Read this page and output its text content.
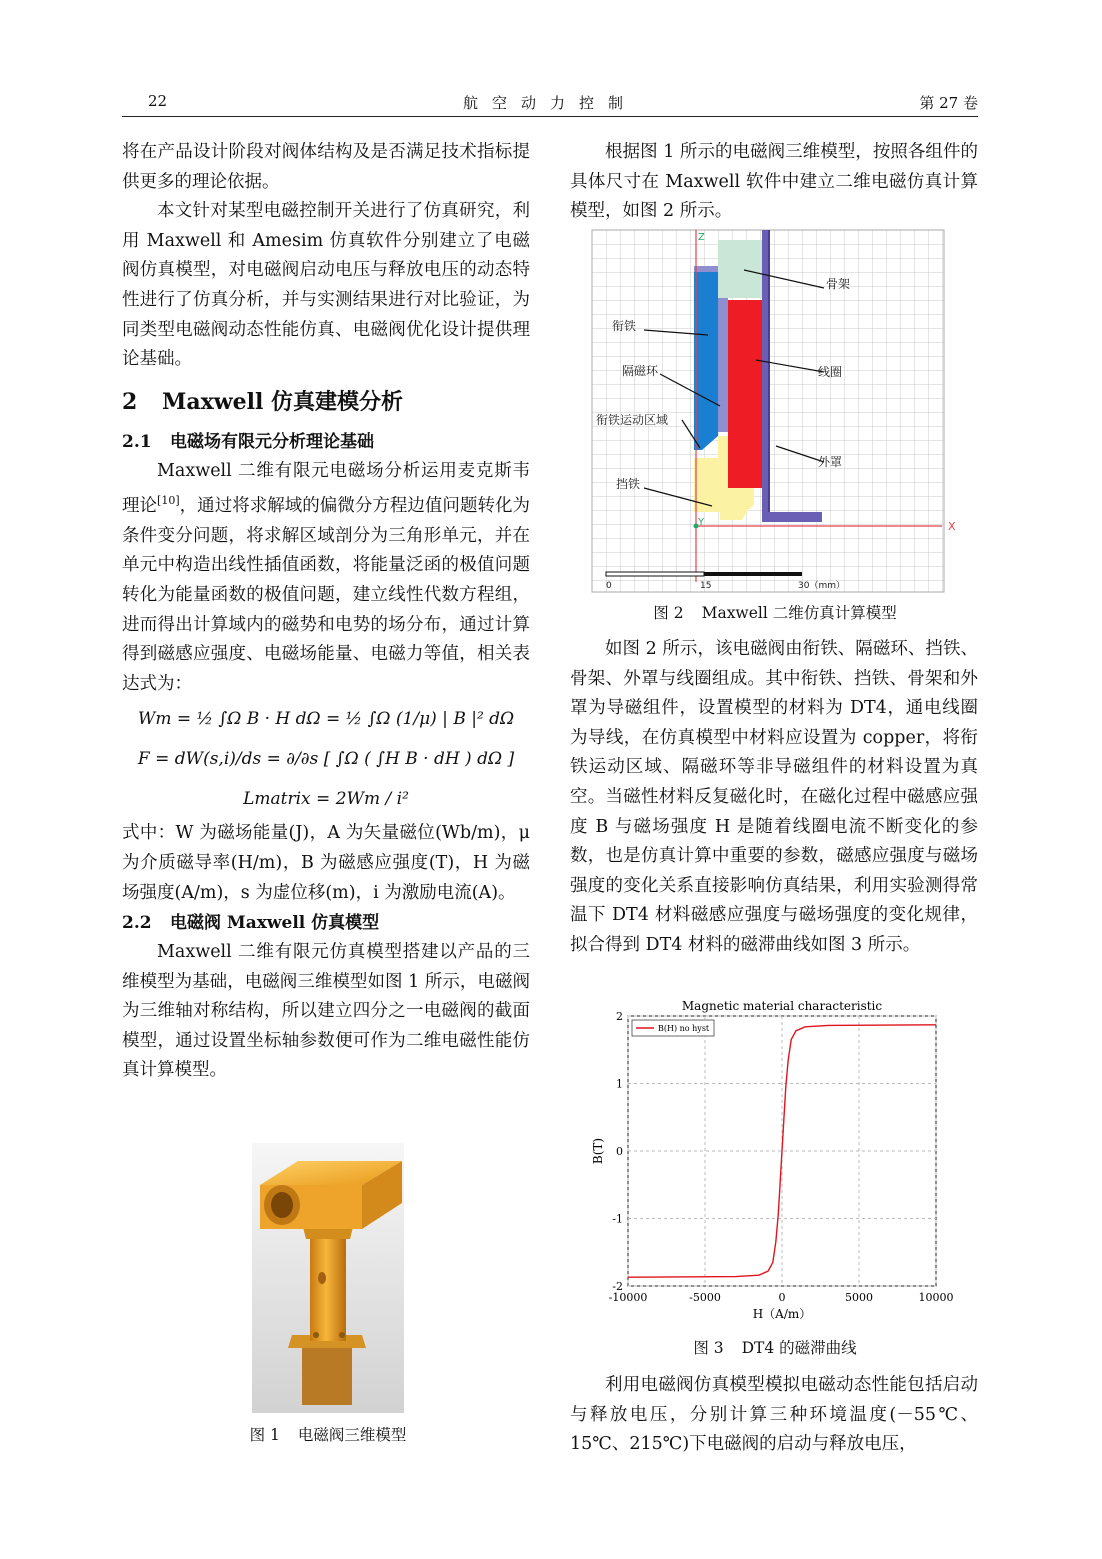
22	航空动力控制	第 27 卷

将在产品设计阶段对阀体结构及是否满足技术指标提供更多的理论依据。

本文针对某型电磁控制开关进行了仿真研究，利用 Maxwell 和 Amesim 仿真软件分别建立了电磁阀仿真模型，对电磁阀启动电压与释放电压的动态特性进行了仿真分析，并与实测结果进行对比验证，为同类型电磁阀动态性能仿真、电磁阀优化设计提供理论基础。

2 Maxwell 仿真建模分析
2.1 电磁场有限元分析理论基础

Maxwell 二维有限元电磁场分析运用麦克斯韦理论[10]，通过将求解域的偏微分方程边值问题转化为条件变分问题，将求解区域剖分为三角形单元，并在单元中构造出线性插值函数，将能量泛函的极值问题转化为能量函数的极值问题，建立线性代数方程组，进而得出计算域内的磁势和电势的场分布，通过计算得到磁感应强度、电磁场能量、电磁力等值，相关表达式为：

Wm = ½ ∫Ω B · H dΩ = ½ ∫Ω (1/μ) | B |² dΩ
F = dW(s,i)/ds = ∂/∂s [ ∫Ω ( ∫H B · dH ) dΩ ]
Lmatrix = 2Wm / i²

式中：W 为磁场能量(J)，A 为矢量磁位(Wb/m)，μ 为介质磁导率(H/m)，B 为磁感应强度(T)，H 为磁场强度(A/m)，s 为虚位移(m)，i 为激励电流(A)。

2.2 电磁阀 Maxwell 仿真模型

Maxwell 二维有限元仿真模型搭建以产品的三维模型为基础，电磁阀三维模型如图 1 所示，电磁阀为三维轴对称结构，所以建立四分之一电磁阀的截面模型，通过设置坐标轴参数便可作为二维电磁性能仿真计算模型。

图 1 电磁阀三维模型

根据图 1 所示的电磁阀三维模型，按照各组件的具体尺寸在 Maxwell 软件中建立二维电磁仿真计算模型，如图 2 所示。

Z
X
Y
骨架
衔铁
隔磁环	线圈
衔铁运动区域
外罩
挡铁
0	15	30（mm）
图 2 Maxwell 二维仿真计算模型

如图 2 所示，该电磁阀由衔铁、隔磁环、挡铁、骨架、外罩与线圈组成。其中衔铁、挡铁、骨架和外罩为导磁组件，设置模型的材料为 DT4，通电线圈为导线，在仿真模型中材料应设置为 copper，将衔铁运动区域、隔磁环等非导磁组件的材料设置为真空。当磁性材料反复磁化时，在磁化过程中磁感应强度 B 与磁场强度 H 是随着线圈电流不断变化的参数，也是仿真计算中重要的参数，磁感应强度与磁场强度的变化关系直接影响仿真结果，利用实验测得常温下 DT4 材料磁感应强度与磁场强度的变化规律，拟合得到 DT4 材料的磁滞曲线如图 3 所示。

-2
-1
0
1
2
-10000	-5000	0	5000	10000
Magnetic material characteristic
H（A/m）
B(T)
B(H) no hyst
图 3 DT4 的磁滞曲线

利用电磁阀仿真模型模拟电磁动态性能包括启动与释放电压，分别计算三种环境温度(－55℃、15℃、215℃)下电磁阀的启动与释放电压，
